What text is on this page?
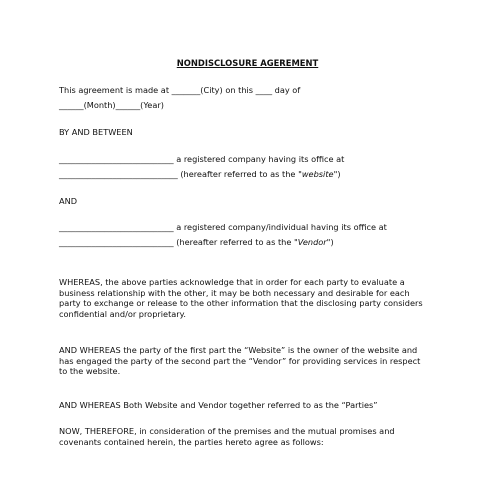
NONDISCLOSURE AGEREMENT
This agreement is made at _______(City) on this ____ day of
______(Month)______(Year)
BY AND BETWEEN
____________________________ a registered company having its office at
_____________________________ (hereafter referred to as the "website")
AND
____________________________ a registered company/individual having its office at
____________________________ (hereafter referred to as the "Vendor")

WHEREAS, the above parties acknowledge that in order for each party to evaluate a

business relationship with the other, it may be both necessary and desirable for each

party to exchange or release to the other information that the disclosing party considers

confidential and/or proprietary.

AND WHEREAS the party of the first part the “Website” is the owner of the website and

has engaged the party of the second part the “Vendor” for providing services in respect

to the website.

AND WHEREAS Both Website and Vendor together referred to as the “Parties”

NOW, THEREFORE, in consideration of the premises and the mutual promises and

covenants contained herein, the parties hereto agree as follows:
